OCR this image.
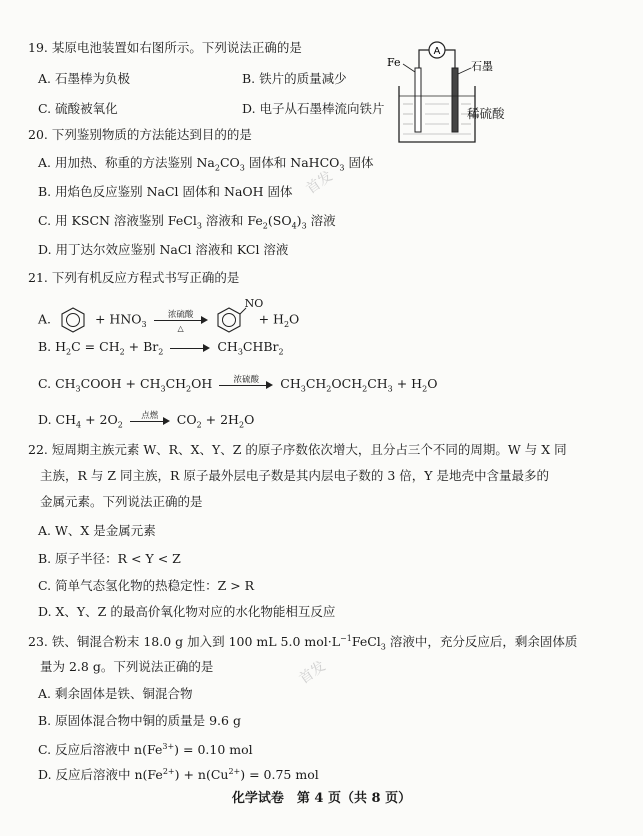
19. 某原电池装置如右图所示。下列说法正确的是
A. 石墨棒为负极	B. 铁片的质量减少
C. 硫酸被氧化	D. 电子从石墨棒流向铁片
A
Fe	石墨
稀硫酸
20. 下列鉴别物质的方法能达到目的的是
A. 用加热、称重的方法鉴别 $Na_2CO_3$ 固体和 NaHCO$_3$ 固体
B. 用焰色反应鉴别 NaCl 固体和 NaOH 固体
C. 用 KSCN 溶液鉴别 FeCl$_3$ 溶液和 $Fe_2(SO_4)_3$ 溶液
D. 用丁达尔效应鉴别 NaCl 溶液和 KCl 溶液
21. 下列有机反应方程式书写正确的是
A.	+ $HNO_3$
浓硫酸
△

NO
+ $H_2O$
B. $H_2C = CH_2 + Br_2$	$CH_3CHBr_2$
C. $CH_3COOH + CH_3CH_2OH$	浓硫酸	$CH_3CH_2OCH_2CH_3 + H_2O$
D. $CH_4 + 2O_2$
点燃	$CO_2 + 2H_2O$
22. 短周期主族元素 W、R、X、Y、Z 的原子序数依次增大，且分占三个不同的周期。W 与 X 同
主族，R 与 Z 同主族，R 原子最外层电子数是其内层电子数的 3 倍，Y 是地壳中含量最多的
金属元素。下列说法正确的是
A. W、X 是金属元素
B. 原子半径：R < Y < Z
C. 简单气态氢化物的热稳定性：Z > R
D. X、Y、Z 的最高价氧化物对应的水化物能相互反应
23. 铁、铜混合粉末 18.0 g 加入到 100 mL 5.0 $mol\cdot L^{-1}FeCl_3$ 溶液中，充分反应后，剩余固体质
量为 2.8 g。下列说法正确的是
A. 剩余固体是铁、铜混合物
B. 原固体混合物中铜的质量是 9.6 g
C. 反应后溶液中 $n(Fe^{3+}) = 0.10$ mol
D. 反应后溶液中 $n(Fe^{2+}) + n(Cu^{2+}) = 0.75$ mol
首发
首发
化学试卷　第 4 页（共 8 页）
